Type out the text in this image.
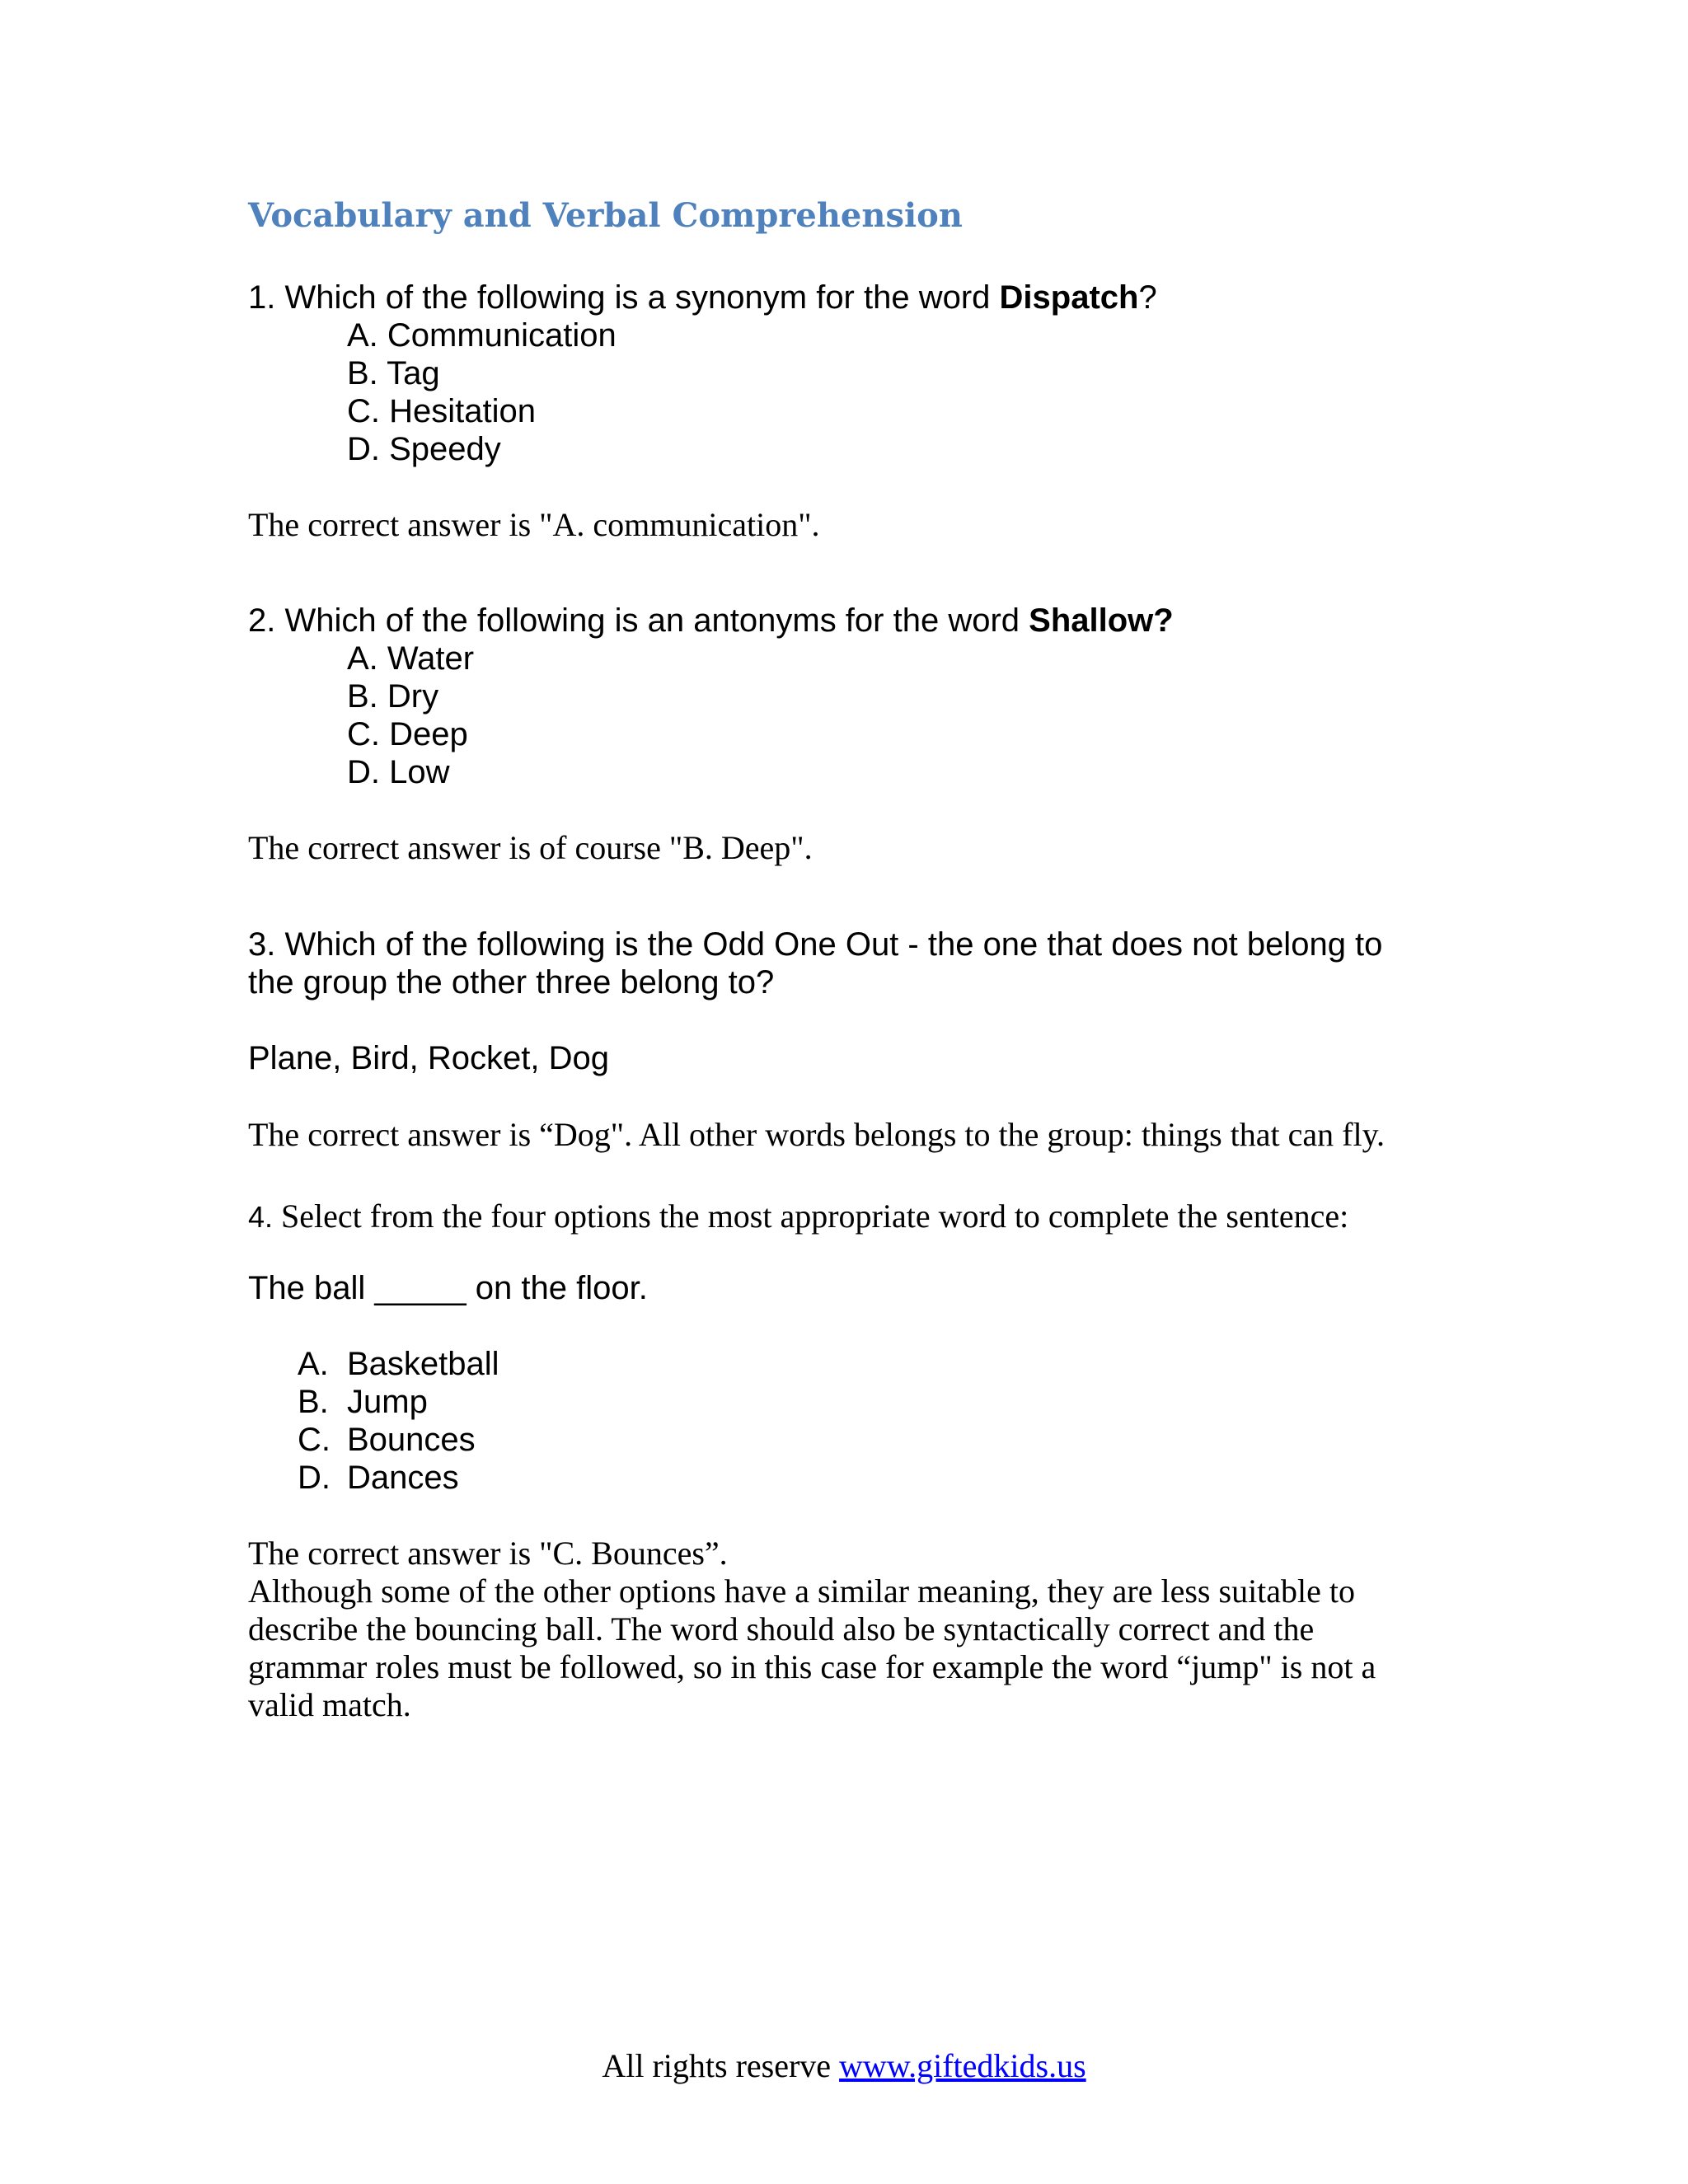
Vocabulary and Verbal Comprehension
1. Which of the following is a synonym for the word Dispatch?
A. Communication
B. Tag
C. Hesitation
D. Speedy
The correct answer is "A. communication".
2. Which of the following is an antonyms for the word Shallow?
A. Water
B. Dry
C. Deep
D. Low
The correct answer is of course "B. Deep".
3. Which of the following is the Odd One Out - the one that does not belong to
the group the other three belong to?
Plane, Bird, Rocket, Dog
The correct answer is “Dog". All other words belongs to the group: things that can fly.
4. Select from the four options the most appropriate word to complete the sentence:
The ball _____ on the floor.
A. Basketball
B. Jump
C. Bounces
D. Dances
The correct answer is "C. Bounces”.
Although some of the other options have a similar meaning, they are less suitable to
describe the bouncing ball. The word should also be syntactically correct and the
grammar roles must be followed, so in this case for example the word “jump" is not a
valid match.
All rights reserve www.giftedkids.us
